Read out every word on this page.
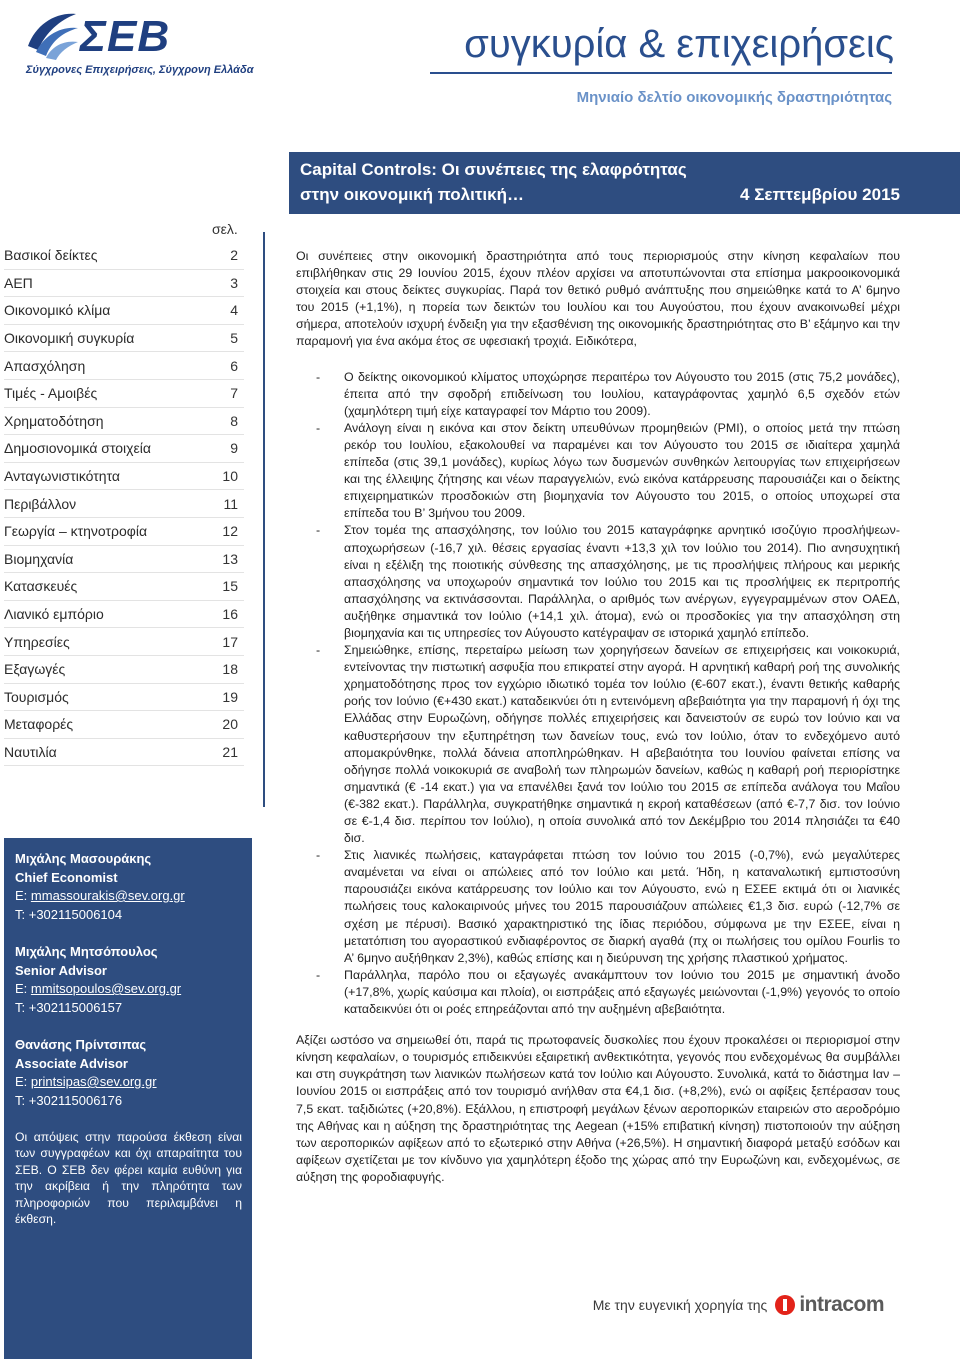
ΣΕΒ
Σύγχρονες Επιχειρήσεις, Σύγχρονη Ελλάδα
συγκυρία & επιχειρήσεις
Μηνιαίο δελτίο οικονομικής δραστηριότητας
Capital Controls: Οι συνέπειες της ελαφρότητας
στην οικονομική πολιτική…	4 Σεπτεμβρίου 2015
σελ.
Βασικοί δείκτες	2
ΑΕΠ	3
Οικονομικό κλίμα	4
Οικονομική συγκυρία	5
Απασχόληση	6
Τιμές - Αμοιβές	7
Χρηματοδότηση	8
Δημοσιονομικά στοιχεία	9
Ανταγωνιστικότητα	10
Περιβάλλον	11
Γεωργία – κτηνοτροφία	12
Βιομηχανία	13
Κατασκευές	15
Λιανικό εμπόριο	16
Υπηρεσίες	17
Εξαγωγές	18
Τουρισμός	19
Μεταφορές	20
Ναυτιλία	21
Μιχάλης Μασουράκης
Chief Economist
E: mmassourakis@sev.org.gr
T: +302115006104
Μιχάλης Μητσόπουλος
Senior Advisor
E: mmitsopoulos@sev.org.gr
T: +302115006157
Θανάσης Πρίντσιπας
Associate Advisor
E: printsipas@sev.org.gr
T: +302115006176

Οι απόψεις στην παρούσα έκθεση είναι των συγγραφέων και όχι απαραίτητα του ΣΕΒ. Ο ΣΕΒ δεν φέρει καμία ευθύνη για την ακρίβεια ή την πληρότητα των πληροφοριών που περιλαμβάνει η έκθεση.

Οι συνέπειες στην οικονομική δραστηριότητα από τους περιορισμούς στην κίνηση κεφαλαίων που επιβλήθηκαν στις 29 Ιουνίου 2015, έχουν πλέον αρχίσει να αποτυπώνονται στα επίσημα μακροοικονομικά στοιχεία και στους δείκτες συγκυρίας. Παρά τον θετικό ρυθμό ανάπτυξης που σημειώθηκε κατά το Α’ 6μηνο του 2015 (+1,1%), η πορεία των δεικτών του Ιουλίου και του Αυγούστου, που έχουν ανακοινωθεί μέχρι σήμερα, αποτελούν ισχυρή ένδειξη για την εξασθένιση της οικονομικής δραστηριότητας στο Β’ εξάμηνο και την παραμονή για ένα ακόμα έτος σε υφεσιακή τροχιά. Ειδικότερα,

- Ο δείκτης οικονομικού κλίματος υποχώρησε περαιτέρω τον Αύγουστο του 2015 (στις 75,2 μονάδες), έπειτα από την σφοδρή επιδείνωση του Ιουλίου, καταγράφοντας χαμηλό 6,5 σχεδόν ετών (χαμηλότερη τιμή είχε καταγραφεί τον Μάρτιο του 2009).
- Ανάλογη είναι η εικόνα και στον δείκτη υπευθύνων προμηθειών (PMI), ο οποίος μετά την πτώση ρεκόρ του Ιουλίου, εξακολουθεί να παραμένει και τον Αύγουστο του 2015 σε ιδιαίτερα χαμηλά επίπεδα (στις 39,1 μονάδες), κυρίως λόγω των δυσμενών συνθηκών λειτουργίας των επιχειρήσεων και της έλλειψης ζήτησης και νέων παραγγελιών, ενώ εικόνα κατάρρευσης παρουσιάζει και ο δείκτης επιχειρηματικών προσδοκιών στη βιομηχανία τον Αύγουστο του 2015, ο οποίος υποχωρεί στα επίπεδα του Β’ 3μήνου του 2009.
- Στον τομέα της απασχόλησης, τον Ιούλιο του 2015 καταγράφηκε αρνητικό ισοζύγιο προσλήψεων-αποχωρήσεων (-16,7 χιλ. θέσεις εργασίας έναντι +13,3 χιλ τον Ιούλιο του 2014). Πιο ανησυχητική είναι η εξέλιξη της ποιοτικής σύνθεσης της απασχόλησης, με τις προσλήψεις πλήρους και μερικής απασχόλησης να υποχωρούν σημαντικά τον Ιούλιο του 2015 και τις προσλήψεις εκ περιτροπής απασχόλησης να εκτινάσσονται. Παράλληλα, ο αριθμός των ανέργων, εγγεγραμμένων στον ΟΑΕΔ, αυξήθηκε σημαντικά τον Ιούλιο (+14,1 χιλ. άτομα), ενώ οι προσδοκίες για την απασχόληση στη βιομηχανία και τις υπηρεσίες τον Αύγουστο κατέγραψαν σε ιστορικά χαμηλό επίπεδο.
- Σημειώθηκε, επίσης, περεταίρω μείωση των χορηγήσεων δανείων σε επιχειρήσεις και νοικοκυριά, εντείνοντας την πιστωτική ασφυξία που επικρατεί στην αγορά. Η αρνητική καθαρή ροή της συνολικής χρηματοδότησης προς τον εγχώριο ιδιωτικό τομέα τον Ιούλιο (€-607 εκατ.), έναντι θετικής καθαρής ροής τον Ιούνιο (€+430 εκατ.) καταδεικνύει ότι η εντεινόμενη αβεβαιότητα για την παραμονή ή όχι της Ελλάδας στην Ευρωζώνη, οδήγησε πολλές επιχειρήσεις και δανειστούν σε ευρώ τον Ιούνιο και να καθυστερήσουν την εξυπηρέτηση των δανείων τους, ενώ τον Ιούλιο, όταν το ενδεχόμενο αυτό απομακρύνθηκε, πολλά δάνεια αποπληρώθηκαν. Η αβεβαιότητα του Ιουνίου φαίνεται επίσης να οδήγησε πολλά νοικοκυριά σε αναβολή των πληρωμών δανείων, καθώς η καθαρή ροή περιορίστηκε σημαντικά (€ -14 εκατ.) για να επανέλθει ξανά τον Ιούλιο του 2015 σε επίπεδα ανάλογα του Μαΐου (€-382 εκατ.). Παράλληλα, συγκρατήθηκε σημαντικά η εκροή καταθέσεων (από €-7,7 δισ. τον Ιούνιο σε €-1,4 δισ. περίπου τον Ιούλιο), η οποία συνολικά από τον Δεκέμβριο του 2014 πλησιάζει τα €40 δισ.
- Στις λιανικές πωλήσεις, καταγράφεται πτώση τον Ιούνιο του 2015 (-0,7%), ενώ μεγαλύτερες αναμένεται να είναι οι απώλειες από τον Ιούλιο και μετά. Ήδη, η καταναλωτική εμπιστοσύνη παρουσιάζει εικόνα κατάρρευσης τον Ιούλιο και τον Αύγουστο, ενώ η ΕΣΕΕ εκτιμά ότι οι λιανικές πωλήσεις τους καλοκαιρινούς μήνες του 2015 παρουσιάζουν απώλειες €1,3 δισ. ευρώ (-12,7% σε σχέση με πέρυσι). Βασικό χαρακτηριστικό της ίδιας περιόδου, σύμφωνα με την ΕΣΕΕ, είναι η μετατόπιση του αγοραστικού ενδιαφέροντος σε διαρκή αγαθά (πχ οι πωλήσεις του ομίλου Fourlis το Α’ 6μηνο αυξήθηκαν 2,3%), καθώς επίσης και η διεύρυνση της χρήσης πλαστικού χρήματος.
- Παράλληλα, παρόλο που οι εξαγωγές ανακάμπτουν τον Ιούνιο του 2015 με σημαντική άνοδο (+17,8%, χωρίς καύσιμα και πλοία), οι εισπράξεις από εξαγωγές μειώνονται (-1,9%) γεγονός το οποίο καταδεικνύει ότι οι ροές επηρεάζονται από την αυξημένη αβεβαιότητα.

Αξίζει ωστόσο να σημειωθεί ότι, παρά τις πρωτοφανείς δυσκολίες που έχουν προκαλέσει οι περιορισμοί στην κίνηση κεφαλαίων, ο τουρισμός επιδεικνύει εξαιρετική ανθεκτικότητα, γεγονός που ενδεχομένως θα συμβάλλει και στη συγκράτηση των λιανικών πωλήσεων κατά τον Ιούλιο και Αύγουστο. Συνολικά, κατά το διάστημα Ιαν – Ιουνίου 2015 οι εισπράξεις από τον τουρισμό ανήλθαν στα €4,1 δισ. (+8,2%), ενώ οι αφίξεις ξεπέρασαν τους 7,5 εκατ. ταξιδιώτες (+20,8%). Εξάλλου, η επιστροφή μεγάλων ξένων αεροπορικών εταιρειών στο αεροδρόμιο της Αθήνας και η αύξηση της δραστηριότητας της Aegean (+15% επιβατική κίνηση) πιστοποιούν την αύξηση των αεροπορικών αφίξεων από το εξωτερικό στην Αθήνα (+26,5%). Η σημαντική διαφορά μεταξύ εσόδων και αφίξεων σχετίζεται με τον κίνδυνο για χαμηλότερη έξοδο της χώρας από την Ευρωζώνη και, ενδεχομένως, σε αύξηση της φοροδιαφυγής.

Με την ευγενική χορηγία της intracom
